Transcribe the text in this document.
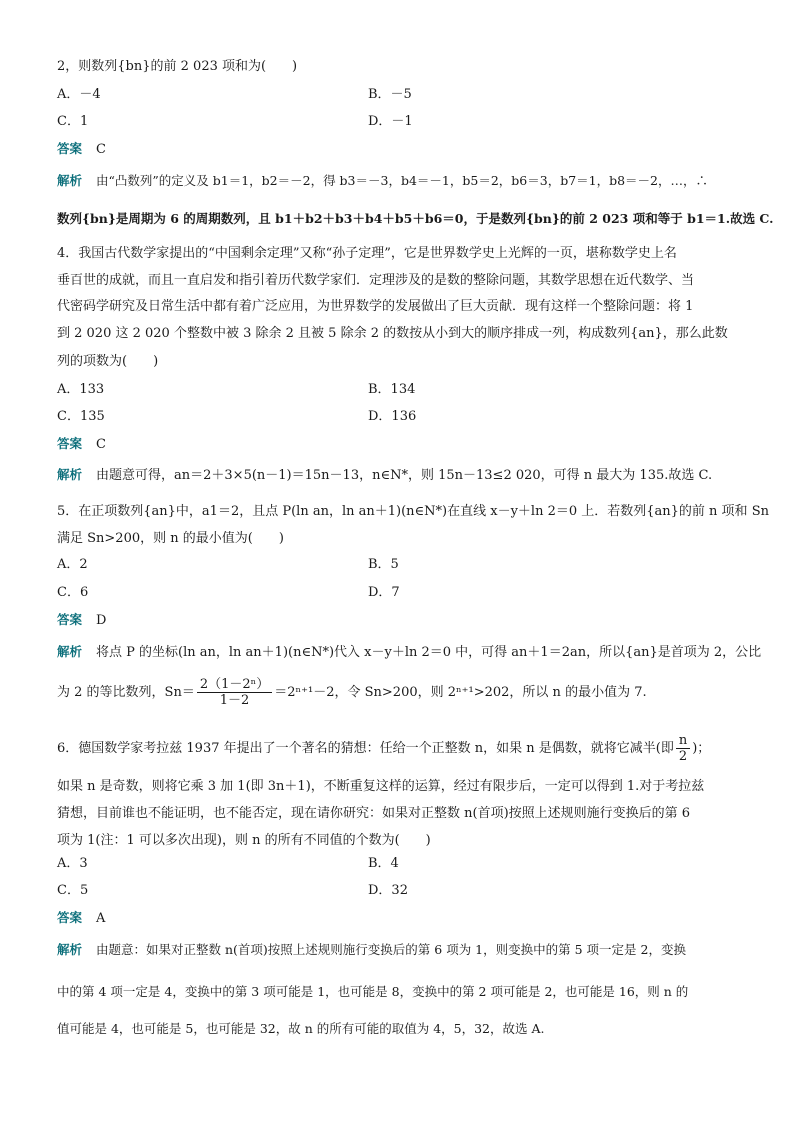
2，则数列{bn}的前 2 023 项和为(　　)
A．－4	B．－5
C．1	D．－1
答案 C
解析 由“凸数列”的定义及 b1＝1，b2＝－2，得 b3＝－3，b4＝－1，b5＝2，b6＝3，b7＝1，b8＝－2，…，∴
数列{bn}是周期为 6 的周期数列，且 b1＋b2＋b3＋b4＋b5＋b6＝0，于是数列{bn}的前 2 023 项和等于 b1＝1.故选 C.
4．我国古代数学家提出的“中国剩余定理”又称“孙子定理”，它是世界数学史上光辉的一页，堪称数学史上名
垂百世的成就，而且一直启发和指引着历代数学家们．定理涉及的是数的整除问题，其数学思想在近代数学、当
代密码学研究及日常生活中都有着广泛应用，为世界数学的发展做出了巨大贡献．现有这样一个整除问题：将 1
到 2 020 这 2 020 个整数中被 3 除余 2 且被 5 除余 2 的数按从小到大的顺序排成一列，构成数列{an}，那么此数
列的项数为(　　)
A．133	B．134
C．135	D．136
答案 C
解析 由题意可得，an＝2＋3×5(n－1)＝15n－13，n∈N*，则 15n－13≤2 020，可得 n 最大为 135.故选 C.
5．在正项数列{an}中，a1＝2，且点 P(ln an，ln an＋1)(n∈N*)在直线 x－y＋ln 2＝0 上．若数列{an}的前 n 项和 Sn
满足 Sn>200，则 n 的最小值为(　　)
A．2	B．5
C．6	D．7
答案 D
解析 将点 P 的坐标(ln an，ln an＋1)(n∈N*)代入 x－y＋ln 2＝0 中，可得 an＋1＝2an，所以{an}是首项为 2，公比
为 2 的等比数列，$Sn= \frac{\text{2（1－2ⁿ）}}{1-2} =2^{n+1}-2$，令 Sn>200，则 2ⁿ⁺¹>202，所以 n 的最小值为 7.
6．德国数学家考拉兹 1937 年提出了一个著名的猜想：任给一个正整数 n，如果 n 是偶数，就将它减半(即 $\frac{n}{2}$ )；
如果 n 是奇数，则将它乘 3 加 1(即 3n＋1)，不断重复这样的运算，经过有限步后，一定可以得到 1.对于考拉兹
猜想，目前谁也不能证明，也不能否定，现在请你研究：如果对正整数 n(首项)按照上述规则施行变换后的第 6
项为 1(注：1 可以多次出现)，则 n 的所有不同值的个数为(　　)
A．3	B．4
C．5	D．32
答案 A
解析 由题意：如果对正整数 n(首项)按照上述规则施行变换后的第 6 项为 1，则变换中的第 5 项一定是 2，变换
中的第 4 项一定是 4，变换中的第 3 项可能是 1，也可能是 8，变换中的第 2 项可能是 2，也可能是 16，则 n 的
值可能是 4，也可能是 5，也可能是 32，故 n 的所有可能的取值为 4，5，32，故选 A.
